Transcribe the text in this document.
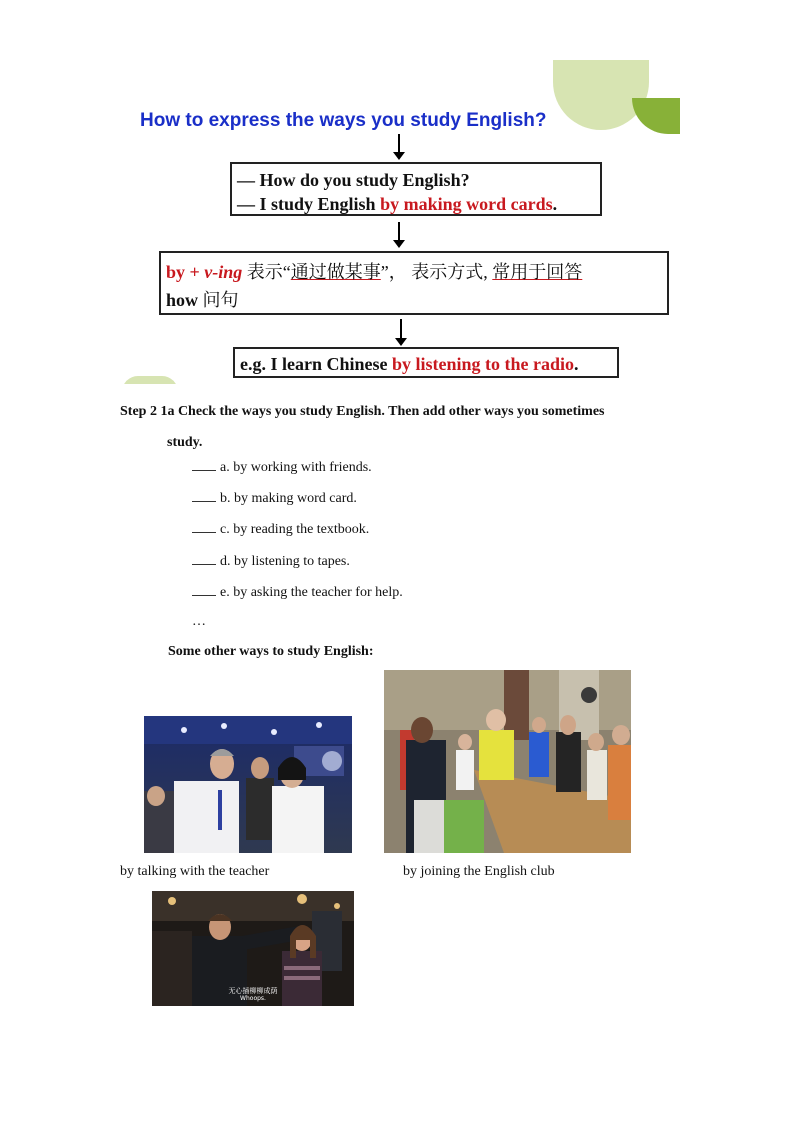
How to express the ways you study English?
— How do you study English?
— I study English by making word cards.
by + v-ing 表示“通过做某事”， 表示方式, 常用于回答
how 问句
e.g. I learn Chinese by listening to the radio.
Step 2 1a Check the ways you study English. Then add other ways you sometimes
study.
a. by working with friends.
b. by making word card.
c. by reading the textbook.
d. by listening to tapes.
e. by asking the teacher for help.
…
Some other ways to study English:
by talking with the teacher	by joining the English club
无心插柳柳成荫
Whoops.
